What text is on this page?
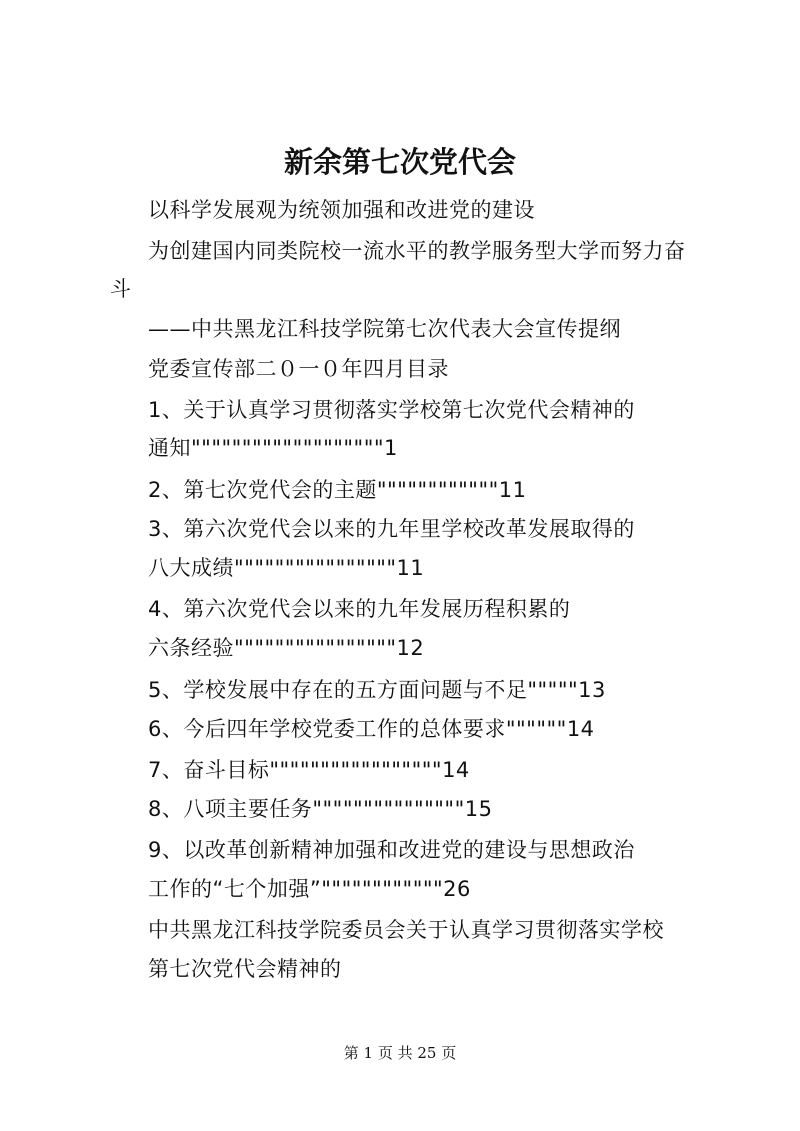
新余第七次党代会
以科学发展观为统领加强和改进党的建设
为创建国内同类院校一流水平的教学服务型大学而努力奋
斗
——中共黑龙江科技学院第七次代表大会宣传提纲
党委宣传部二０一０年四月目录
1、关于认真学习贯彻落实学校第七次党代会精神的
通知"""""""""""""""""""1
2、第七次党代会的主题""""""""""""11
3、第六次党代会以来的九年里学校改革发展取得的
八大成绩""""""""""""""""11
4、第六次党代会以来的九年发展历程积累的
六条经验""""""""""""""""12
5、学校发展中存在的五方面问题与不足"""""13
6、今后四年学校党委工作的总体要求""""""14
7、奋斗目标"""""""""""""""""14
8、八项主要任务"""""""""""""""15
9、以改革创新精神加强和改进党的建设与思想政治
工作的“七个加强”""""""""""""26
中共黑龙江科技学院委员会关于认真学习贯彻落实学校
第七次党代会精神的
第 1 页 共 25 页
